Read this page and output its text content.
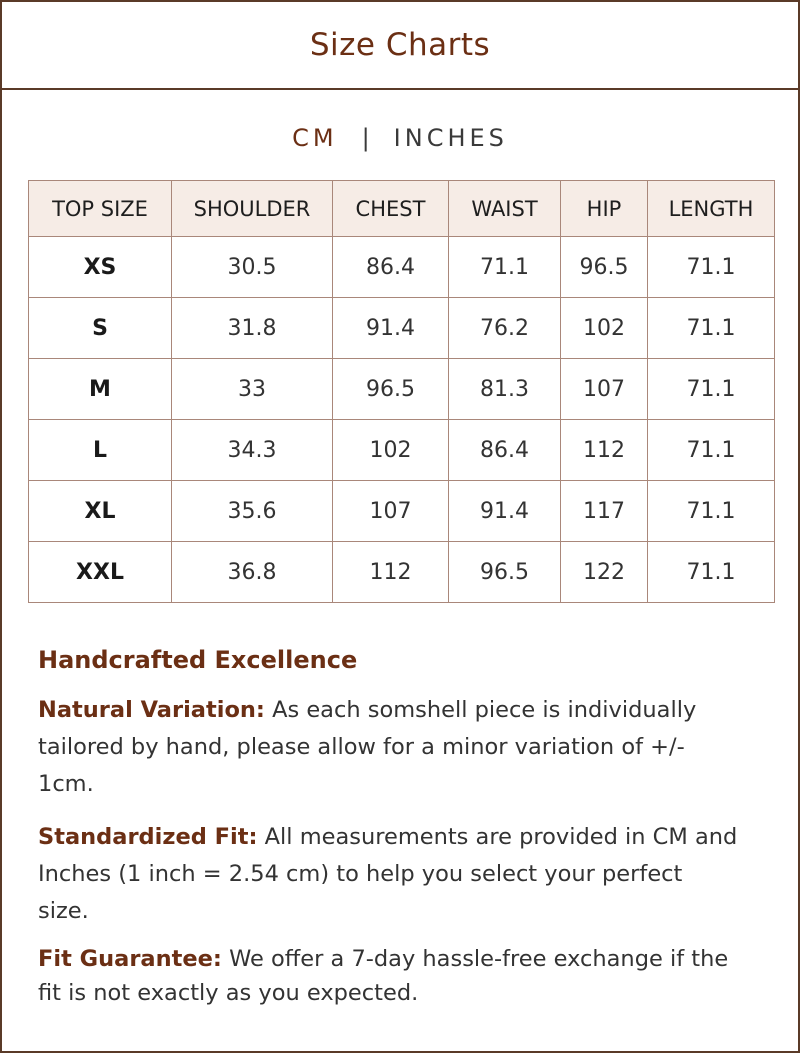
Size Charts
CM | INCHES
TOP SIZE	SHOULDER	CHEST	WAIST	HIP	LENGTH
XS	30.5	86.4	71.1	96.5	71.1
S	31.8	91.4	76.2	102	71.1
M	33	96.5	81.3	107	71.1
L	34.3	102	86.4	112	71.1
XL	35.6	107	91.4	117	71.1
XXL	36.8	112	96.5	122	71.1
Handcrafted Excellence

Natural Variation: As each somshell piece is individually tailored by hand, please allow for a minor variation of +/- 1cm.

Standardized Fit: All measurements are provided in CM and Inches (1 inch = 2.54 cm) to help you select your perfect size.

Fit Guarantee: We offer a 7-day hassle-free exchange if the fit is not exactly as you expected.
